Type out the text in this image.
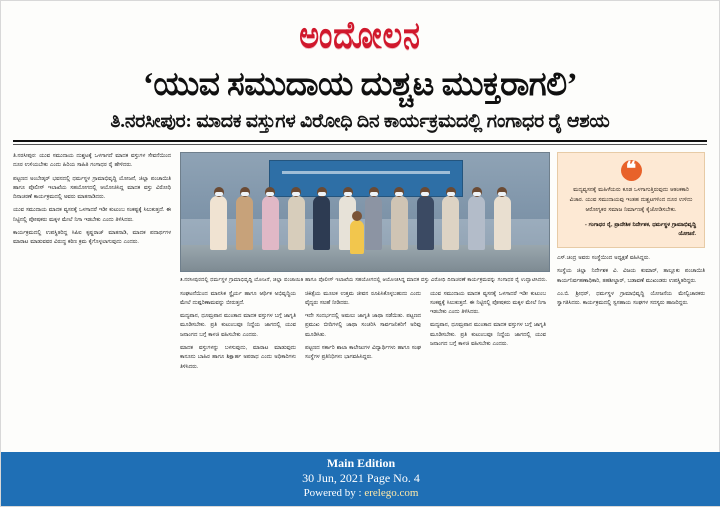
ಅಂದೋಲನ
‘ಯುವ ಸಮುದಾಯ ದುಶ್ಚಟ ಮುಕ್ತರಾಗಲಿ’
ತಿ.ನರಸೀಪುರ: ಮಾದಕ ವಸ್ತುಗಳ ವಿರೋಧಿ ದಿನ ಕಾರ್ಯಕ್ರಮದಲ್ಲಿ ಗಂಗಾಧರ ರೈ ಆಶಯ

ತಿ.ನರಸೀಪುರ: ಯುವ ಸಮುದಾಯ ದುಶ್ಚಟಕ್ಕೆ ಒಳಗಾಗದೆ ಮಾದಕ ವಸ್ತುಗಳ ಸೇವನೆಯಿಂದ ದೂರ ಉಳಿಯಬೇಕು ಎಂದು ಹಿರಿಯ ಸಾಹಿತಿ ಗಂಗಾಧರ ರೈ ಹೇಳಿದರು.

ಪಟ್ಟಣದ ಅಂಬೇಡ್ಕರ್ ಭವನದಲ್ಲಿ ಧರ್ಮಸ್ಥಳ ಗ್ರಾಮಾಭಿವೃದ್ಧಿ ಯೋಜನೆ, ಜಿಲ್ಲಾ ಪಂಚಾಯಿತಿ ಹಾಗೂ ಪೊಲೀಸ್ ಇಲಾಖೆಯ ಸಹಯೋಗದಲ್ಲಿ ಆಯೋಜಿಸಿದ್ದ ಮಾದಕ ವಸ್ತು ವಿರೋಧಿ ದಿನಾಚರಣೆ ಕಾರ್ಯಕ್ರಮದಲ್ಲಿ ಅವರು ಮಾತನಾಡಿದರು.

ಯುವ ಸಮುದಾಯ ಮಾದಕ ವ್ಯಸನಕ್ಕೆ ಒಳಗಾದರೆ ಇಡೀ ಕುಟುಂಬ ಸಂಕಷ್ಟಕ್ಕೆ ಸಿಲುಕುತ್ತದೆ. ಈ ನಿಟ್ಟಿನಲ್ಲಿ ಪೋಷಕರು ಮಕ್ಕಳ ಮೇಲೆ ನಿಗಾ ಇಡಬೇಕು ಎಂದು ತಿಳಿಸಿದರು.

ಕಾರ್ಯಕ್ರಮದಲ್ಲಿ ಉಪಸ್ಥಿತರಿದ್ದ ಸಿಪಿಐ ಕೃಷ್ಣರಾಜ್ ಮಾತನಾಡಿ, ಮಾದಕ ಪದಾರ್ಥಗಳ ಮಾರಾಟ ಮಾಡುವವರ ವಿರುದ್ಧ ಕಠಿಣ ಕ್ರಮ ಕೈಗೊಳ್ಳಲಾಗುವುದು ಎಂದರು.

ತಿ.ನರಸೀಪುರದಲ್ಲಿ ಧರ್ಮಸ್ಥಳ ಗ್ರಾಮಾಭಿವೃದ್ಧಿ ಯೋಜನೆ, ಜಿಲ್ಲಾ ಪಂಚಾಯಿತಿ ಹಾಗೂ ಪೊಲೀಸ್ ಇಲಾಖೆಯ ಸಹಯೋಗದಲ್ಲಿ ಆಯೋಜಿಸಿದ್ದ ಮಾದಕ ವಸ್ತು ವಿರೋಧಿ ದಿನಾಚರಣೆ ಕಾರ್ಯಕ್ರಮವನ್ನು ಗಂಗಾಧರ ರೈ ಉದ್ಘಾಟಿಸಿದರು.

ಸಂಘಟನೆಯಿಂದ ಮಾನಸಿಕ ಸ್ಥೈರ್ಯ ಹಾಗೂ ಆರ್ಥಿಕ ಅಭಿವೃದ್ಧಿಯ ಮೇಲೆ ದುಷ್ಪರಿಣಾಮವನ್ನು ಬೀರುತ್ತದೆ.

ಮದ್ಯಪಾನ, ಧೂಮ್ರಪಾನ ಮುಂತಾದ ಮಾದಕ ವಸ್ತುಗಳ ಬಗ್ಗೆ ಜಾಗೃತಿ ಮೂಡಿಸಬೇಕು. ಪ್ರತಿ ಕುಟುಂಬವೂ ನಿದ್ದೆಯ ಜಾಗದಲ್ಲಿ ಯುವ ಜನಾಂಗದ ಬಗ್ಗೆ ಕಾಳಜಿ ವಹಿಸಬೇಕು ಎಂದರು.

ಮಾದಕ ವಸ್ತುಗಳನ್ನು ಬಳಸುವುದು, ಮಾರಾಟ ಮಾಡುವುದು ಕಾನೂನು ಬಾಹಿರ ಹಾಗೂ ಶಿಕ್ಷಾರ್ಹ ಅಪರಾಧ ಎಂದು ಅಧಿಕಾರಿಗಳು ತಿಳಿಸಿದರು.

ಚಿಕಿತ್ಸೆಯ ಮೂಲಕ ಉತ್ತಮ ಜೀವನ ರೂಪಿಸಿಕೊಳ್ಳಬಹುದು ಎಂದು ವೈದ್ಯರು ಸಲಹೆ ನೀಡಿದರು.

ಇದೇ ಸಂದರ್ಭದಲ್ಲಿ ಅಮಲು ಜಾಗೃತಿ ಜಾಥಾ ನಡೆಯಿತು. ಪಟ್ಟಣದ ಪ್ರಮುಖ ಬೀದಿಗಳಲ್ಲಿ ಜಾಥಾ ಸಂಚರಿಸಿ ಸಾರ್ವಜನಿಕರಿಗೆ ಅರಿವು ಮೂಡಿಸಿತು.

ಪಟ್ಟಣದ ಸರ್ಕಾರಿ ಶಾಲಾ ಕಾಲೇಜುಗಳ ವಿದ್ಯಾರ್ಥಿಗಳು ಹಾಗೂ ಸಂಘ ಸಂಸ್ಥೆಗಳ ಪ್ರತಿನಿಧಿಗಳು ಭಾಗವಹಿಸಿದ್ದರು.

ಯುವ ಸಮುದಾಯ ಮಾದಕ ವ್ಯಸನಕ್ಕೆ ಒಳಗಾದರೆ ಇಡೀ ಕುಟುಂಬ ಸಂಕಷ್ಟಕ್ಕೆ ಸಿಲುಕುತ್ತದೆ. ಈ ನಿಟ್ಟಿನಲ್ಲಿ ಪೋಷಕರು ಮಕ್ಕಳ ಮೇಲೆ ನಿಗಾ ಇಡಬೇಕು ಎಂದು ತಿಳಿಸಿದರು.

ಮದ್ಯಪಾನ, ಧೂಮ್ರಪಾನ ಮುಂತಾದ ಮಾದಕ ವಸ್ತುಗಳ ಬಗ್ಗೆ ಜಾಗೃತಿ ಮೂಡಿಸಬೇಕು. ಪ್ರತಿ ಕುಟುಂಬವೂ ನಿದ್ದೆಯ ಜಾಗದಲ್ಲಿ ಯುವ ಜನಾಂಗದ ಬಗ್ಗೆ ಕಾಳಜಿ ವಹಿಸಬೇಕು ಎಂದರು.

❝
ಮದ್ಯವ್ಯಸನಕ್ಕೆ ಮಹಿಳೆಯರು ಕೂಡ ಒಳಗಾಗುತ್ತಿರುವುದು ಆತಂಕಕಾರಿ ವಿಚಾರ. ಯುವ ಸಮುದಾಯವು ಇಂತಹ ದುಶ್ಚಟಗಳಿಂದ ದೂರ ಉಳಿದು ಆರೋಗ್ಯಕರ ಸಮಾಜ ನಿರ್ಮಾಣಕ್ಕೆ ಕೈಜೋಡಿಸಬೇಕು.
- ಗಂಗಾಧರ ರೈ, ಪ್ರಾದೇಶಿಕ ನಿರ್ದೇಶಕ, ಧರ್ಮಸ್ಥಳ ಗ್ರಾಮಾಭಿವೃದ್ಧಿ ಯೋಜನೆ.

ಎಸ್.ಚಂದ್ರ ಅವರು ಸಂಸ್ಥೆಯಿಂದ ಅಧ್ಯಕ್ಷತೆ ವಹಿಸಿದ್ದರು.

ಸಂಸ್ಥೆಯ ಜಿಲ್ಲಾ ನಿರ್ದೇಶಕ ವಿ. ವಿಜಯ ಕುಮಾರ್, ತಾಲ್ಲೂಕು ಪಂಚಾಯಿತಿ ಕಾರ್ಯನಿರ್ವಹಣಾಧಿಕಾರಿ, ತಹಶೀಲ್ದಾರ್, ಬಡಾವಣೆ ಮುಖಂಡರು ಉಪಸ್ಥಿತರಿದ್ದರು.

ಎಂ.ಬಿ. ಶ್ರೀಧರ್, ಧರ್ಮಸ್ಥಳ ಗ್ರಾಮಾಭಿವೃದ್ಧಿ ಯೋಜನೆಯ ಮೇಲ್ವಿಚಾರಕರು ಸ್ವಾಗತಿಸಿದರು. ಕಾರ್ಯಕ್ರಮದಲ್ಲಿ ಸ್ವಸಹಾಯ ಸಂಘಗಳ ಸದಸ್ಯರು ಹಾಜರಿದ್ದರು.

Main Edition
30 Jun, 2021 Page No. 4
Powered by : erelego.com
